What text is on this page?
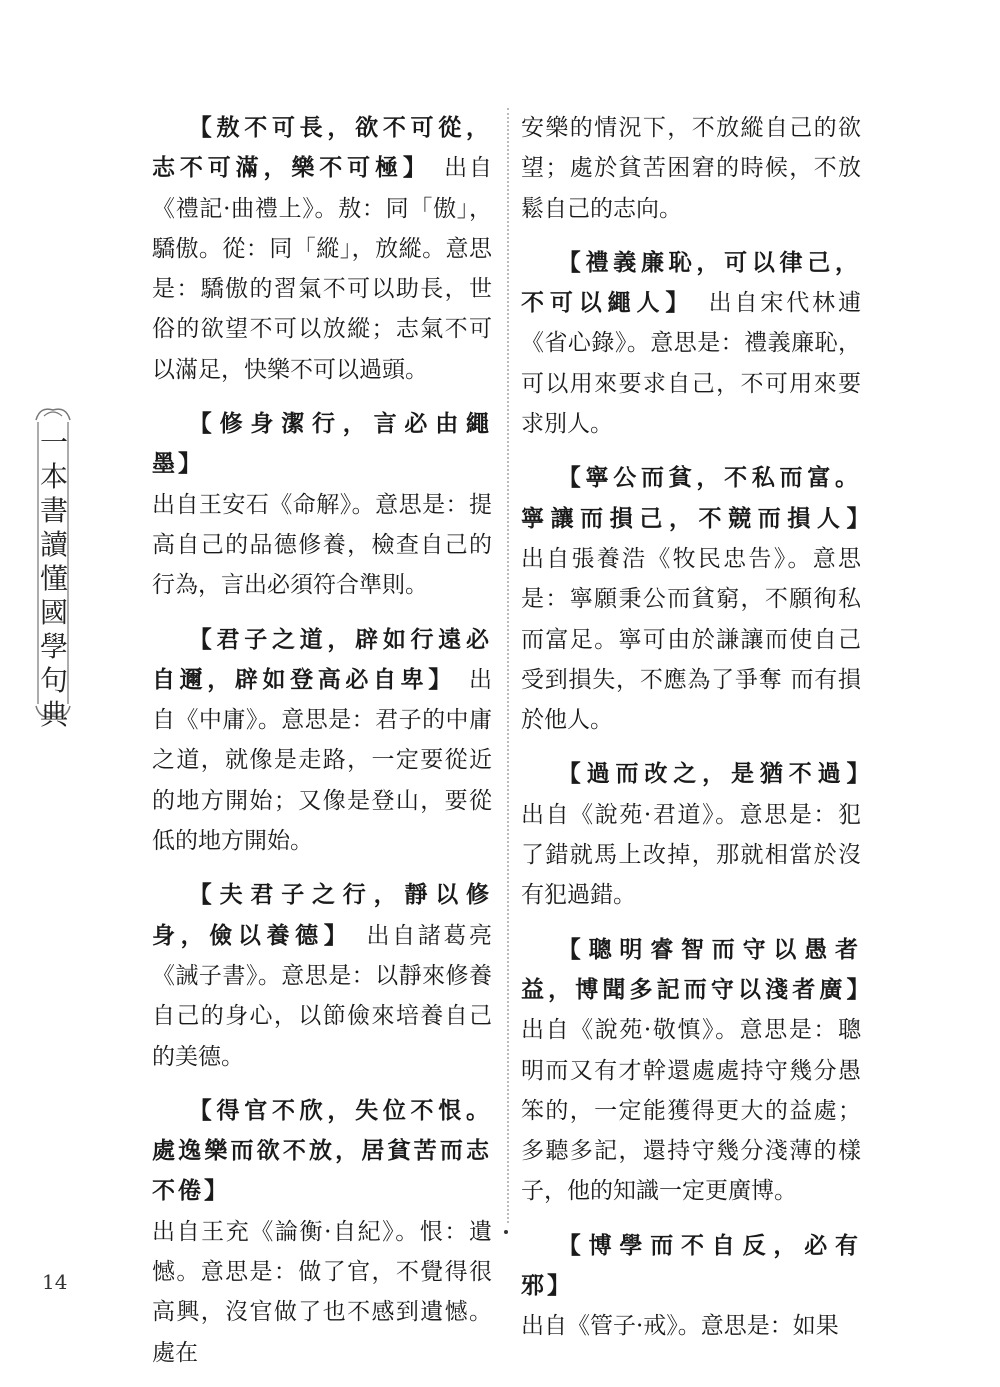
一本書讀懂國學句典

【敖不可長，欲不可從，志不可滿，樂不可極】　 出自《禮記·曲禮上》。敖：同「傲」，驕傲。從：同「縱」，放縱。意思是：驕傲的習氣不可以助長，世俗的欲望不可以放縱；志氣不可以滿足，快樂不可以過頭。

【修身潔行，言必由繩墨】
出自王安石《命解》。意思是：提高自己的品德修養，檢查自己的行為，言出必須符合準則。

【君子之道，辟如行遠必自邇，辟如登高必自卑】　 出自《中庸》。意思是：君子的中庸之道，就像是走路，一定要從近的地方開始；又像是登山，要從低的地方開始。

【夫君子之行，靜以修身，儉以養德】　 出自諸葛亮《誡子書》。意思是：以靜來修養自己的身心，以節儉來培養自己的美德。

【得官不欣，失位不恨。處逸樂而欲不放，居貧苦而志不倦】
出自王充《論衡·自紀》。恨：遺憾。意思是：做了官，不覺得很高興，沒官做了也不感到遺憾。處在

安樂的情況下，不放縱自己的欲望；處於貧苦困窘的時候，不放鬆自己的志向。

【禮義廉恥，可以律己，不可以繩人】　 出自宋代林逋《省心錄》。意思是：禮義廉恥，可以用來要求自己，不可用來要求別人。

【寧公而貧，不私而富。寧讓而損己，不競而損人】　出自張養浩《牧民忠告》。意思是：寧願秉公而貧窮，不願徇私而富足。寧可由於謙讓而使自己受到損失，不應為了爭奪 而有損於他人。

【過而改之，是猶不過】　出自《說苑·君道》。意思是：犯了錯就馬上改掉，那就相當於沒有犯過錯。

【聰明睿智而守以愚者益，博聞多記而守以淺者廣】　出自《說苑·敬慎》。意思是：聰明而又有才幹還處處持守幾分愚笨的，一定能獲得更大的益處；多聽多記，還持守幾分淺薄的樣子，他的知識一定更廣博。

【博學而不自反，必有邪】
出自《管子·戒》。意思是：如果

14
